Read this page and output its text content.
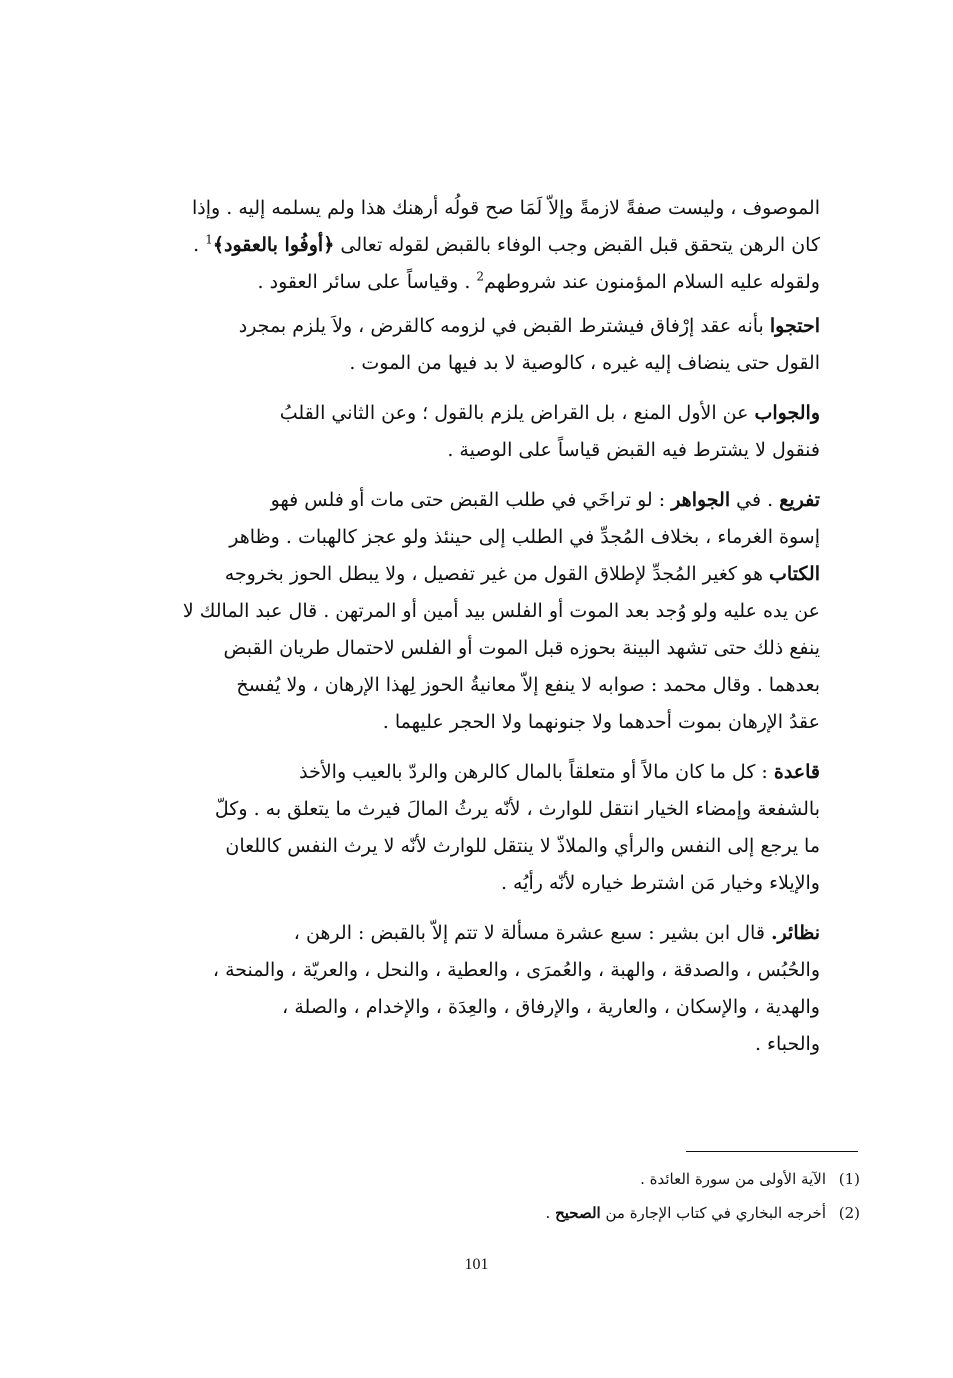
الموصوف ، وليست صفةً لازمةً وإلاّ لَمَا صح قولُه أرهنك هذا ولم يسلمه إليه . وإذا
كان الرهن يتحقق قبل القبض وجب الوفاء بالقبض لقوله تعالى ﴿أوفُوا بالعقود﴾$^1$ .
ولقوله عليه السلام المؤمنون عند شروطهم$^2$ . وقياساً على سائر العقود .

احتجوا بأنه عقد إرْفاق فيشترط القبض في لزومه كالقرض ، ولاَ يلزم بمجرد
القول حتى ينضاف إليه غيره ، كالوصية لا بد فيها من الموت .

والجواب عن الأول المنع ، بل القراض يلزم بالقول ؛ وعن الثاني القلبُ
فنقول لا يشترط فيه القبض قياساً على الوصية .

تفريع . في الجواهر : لو تراخَي في طلب القبض حتى مات أو فلس فهو
إسوة الغرماء ، بخلاف المُجدِّ في الطلب إلى حينئذ ولو عجز كالهبات . وظاهر
الكتاب هو كغير المُجدِّ لإطلاق القول من غير تفصيل ، ولا يبطل الحوز بخروجه
عن يده عليه ولو وُجد بعد الموت أو الفلس بيد أمين أو المرتهن . قال عبد المالك لا
ينفع ذلك حتى تشهد البينة بحوزه قبل الموت أو الفلس لاحتمال طريان القبض
بعدهما . وقال محمد : صوابه لا ينفع إلاّ معانيةُ الحوز لِهذا الإرهان ، ولا يُفسخ
عقدُ الإرهان بموت أحدهما ولا جنونهما ولا الحجر عليهما .

قاعدة : كل ما كان مالاً أو متعلقاً بالمال كالرهن والردّ بالعيب والأخذ
بالشفعة وإمضاء الخيار انتقل للوارث ، لأنّه يرثُ المالَ فيرث ما يتعلق به . وكلّ
ما يرجع إلى النفس والرأي والملاذّ لا ينتقل للوارث لأنّه لا يرث النفس كاللعان
والإيلاء وخيار مَن اشترط خياره لأنّه رأيُه .

نظائر. قال ابن بشير : سبع عشرة مسألة لا تتم إلاّ بالقبض : الرهن ،
والحُبُس ، والصدقة ، والهبة ، والعُمرَى ، والعطية ، والنحل ، والعريّة ، والمنحة ،
والهدية ، والإسكان ، والعارية ، والإرفاق ، والعِدَة ، والإخدام ، والصلة ،
والحباء .

(1)الآية الأولى من سورة العائدة .
(2)أخرجه البخاري في كتاب الإجارة من الصحيح .
101
